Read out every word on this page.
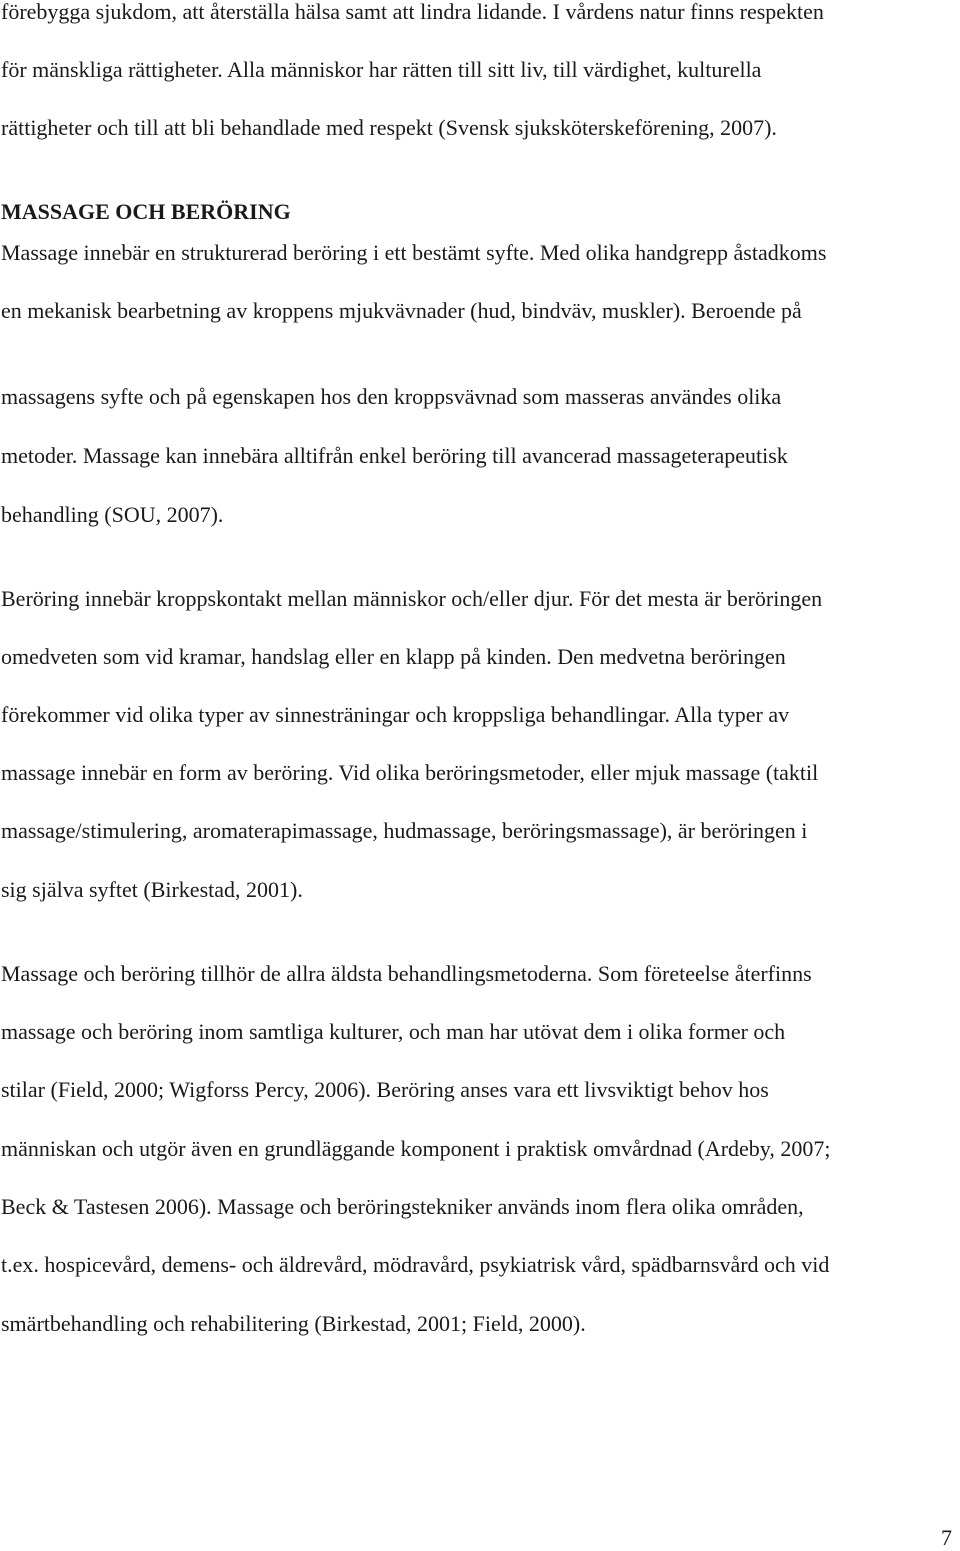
förebygga sjukdom, att återställa hälsa samt att lindra lidande. I vårdens natur finns respekten

för mänskliga rättigheter. Alla människor har rätten till sitt liv, till värdighet, kulturella

rättigheter och till att bli behandlade med respekt (Svensk sjuksköterskeförening, 2007).

MASSAGE OCH BERÖRING

Massage innebär en strukturerad beröring i ett bestämt syfte. Med olika handgrepp åstadkoms

en mekanisk bearbetning av kroppens mjukvävnader (hud, bindväv, muskler). Beroende på

massagens syfte och på egenskapen hos den kroppsvävnad som masseras användes olika

metoder. Massage kan innebära alltifrån enkel beröring till avancerad massageterapeutisk

behandling (SOU, 2007).

Beröring innebär kroppskontakt mellan människor och/eller djur. För det mesta är beröringen

omedveten som vid kramar, handslag eller en klapp på kinden. Den medvetna beröringen

förekommer vid olika typer av sinnesträningar och kroppsliga behandlingar. Alla typer av

massage innebär en form av beröring. Vid olika beröringsmetoder, eller mjuk massage (taktil

massage/stimulering, aromaterapimassage, hudmassage, beröringsmassage), är beröringen i

sig själva syftet (Birkestad, 2001).

Massage och beröring tillhör de allra äldsta behandlingsmetoderna. Som företeelse återfinns

massage och beröring inom samtliga kulturer, och man har utövat dem i olika former och

stilar (Field, 2000; Wigforss Percy, 2006). Beröring anses vara ett livsviktigt behov hos

människan och utgör även en grundläggande komponent i praktisk omvårdnad (Ardeby, 2007;

Beck & Tastesen 2006). Massage och beröringstekniker används inom flera olika områden,

t.ex. hospicevård, demens- och äldrevård, mödravård, psykiatrisk vård, spädbarnsvård och vid

smärtbehandling och rehabilitering (Birkestad, 2001; Field, 2000).

7
